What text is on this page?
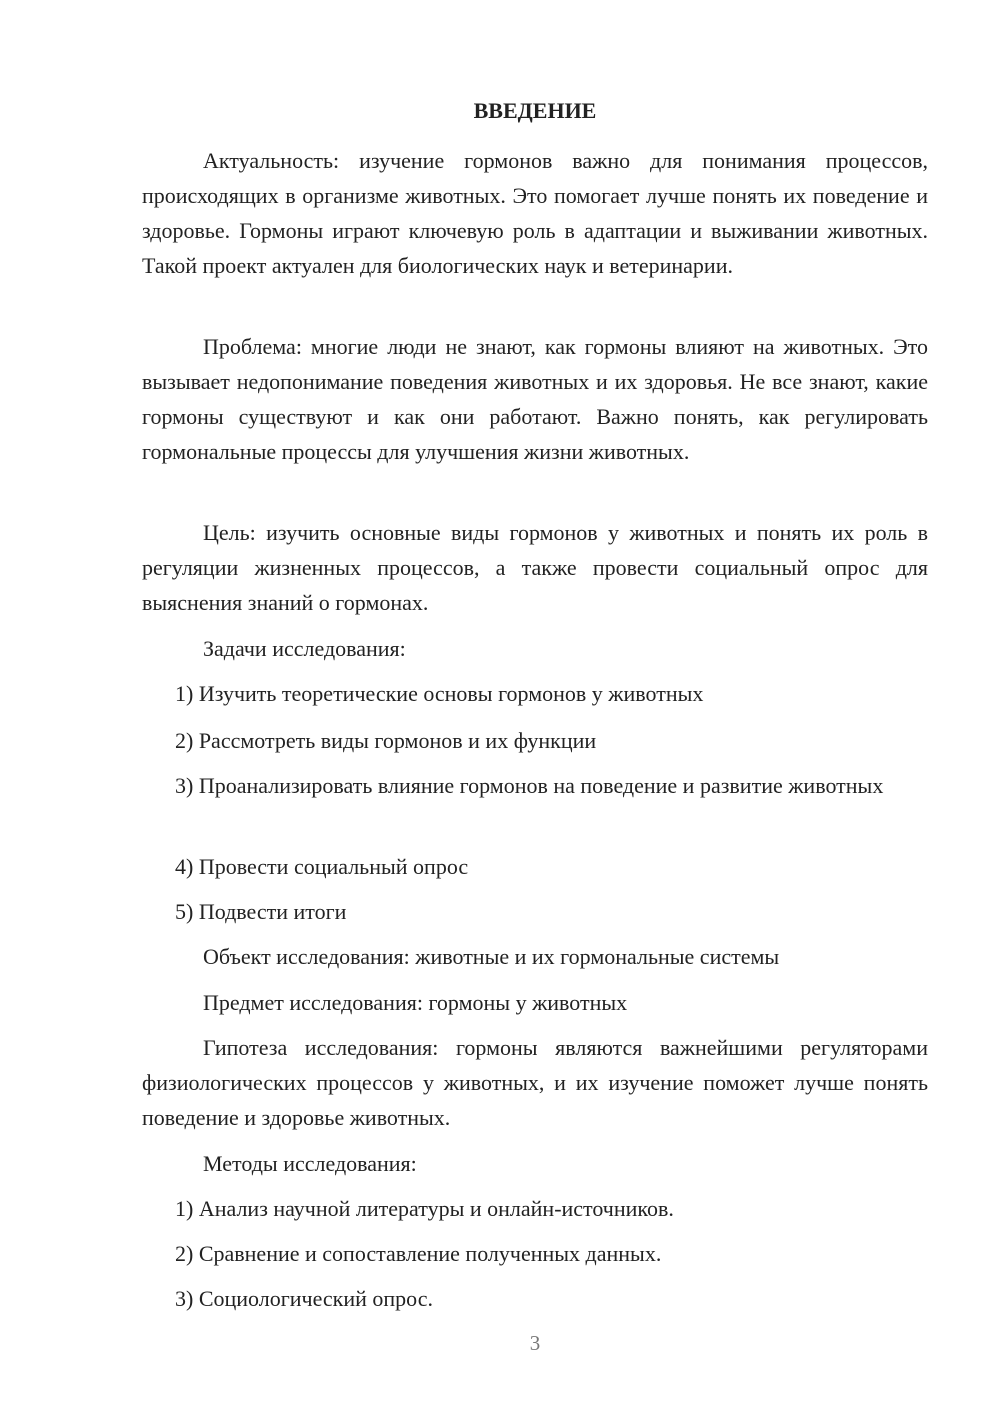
ВВЕДЕНИЕ

Актуальность: изучение гормонов важно для понимания процессов, происходящих в организме животных. Это помогает лучше понять их поведение и здоровье. Гормоны играют ключевую роль в адаптации и выживании животных. Такой проект актуален для биологических наук и ветеринарии.

Проблема: многие люди не знают, как гормоны влияют на животных. Это вызывает недопонимание поведения животных и их здоровья. Не все знают, какие гормоны существуют и как они работают. Важно понять, как регулировать гормональные процессы для улучшения жизни животных.

Цель: изучить основные виды гормонов у животных и понять их роль в регуляции жизненных процессов, а также провести социальный опрос для выяснения знаний о гормонах.

Задачи исследования:

1) Изучить теоретические основы гормонов у животных

2) Рассмотреть виды гормонов и их функции

3) Проанализировать влияние гормонов на поведение и развитие животных

4) Провести социальный опрос

5) Подвести итоги

Объект исследования: животные и их гормональные системы

Предмет исследования: гормоны у животных

Гипотеза исследования: гормоны являются важнейшими регуляторами физиологических процессов у животных, и их изучение поможет лучше понять поведение и здоровье животных.

Методы исследования:

1) Анализ научной литературы и онлайн-источников.

2) Сравнение и сопоставление полученных данных.

3) Социологический опрос.

3
